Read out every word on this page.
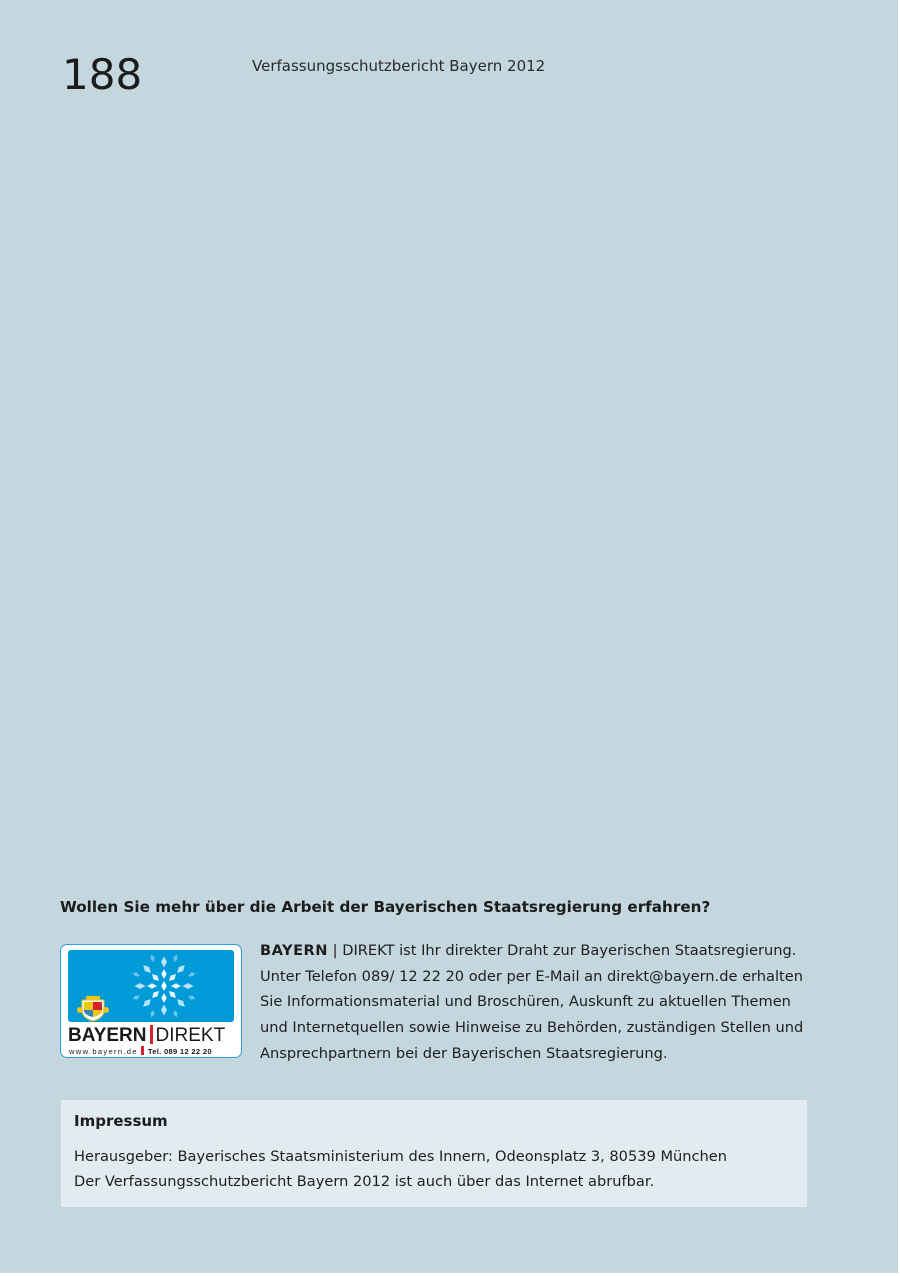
188	Verfassungsschutzbericht Bayern 2012
Wollen Sie mehr über die Arbeit der Bayerischen Staatsregierung erfahren?
BAYERN DIREKT
www.bayern.de Tel. 089 12 22 20
BAYERN | DIREKT ist Ihr direkter Draht zur Bayerischen Staatsregierung.
Unter Telefon 089/ 12 22 20 oder per E-Mail an direkt@bayern.de erhalten
Sie Informationsmaterial und Broschüren, Auskunft zu aktuellen Themen
und Internetquellen sowie Hinweise zu Behörden, zuständigen Stellen und
Ansprechpartnern bei der Bayerischen Staatsregierung.
Impressum
Herausgeber: Bayerisches Staatsministerium des Innern, Odeonsplatz 3, 80539 München
Der Verfassungsschutzbericht Bayern 2012 ist auch über das Internet abrufbar.
